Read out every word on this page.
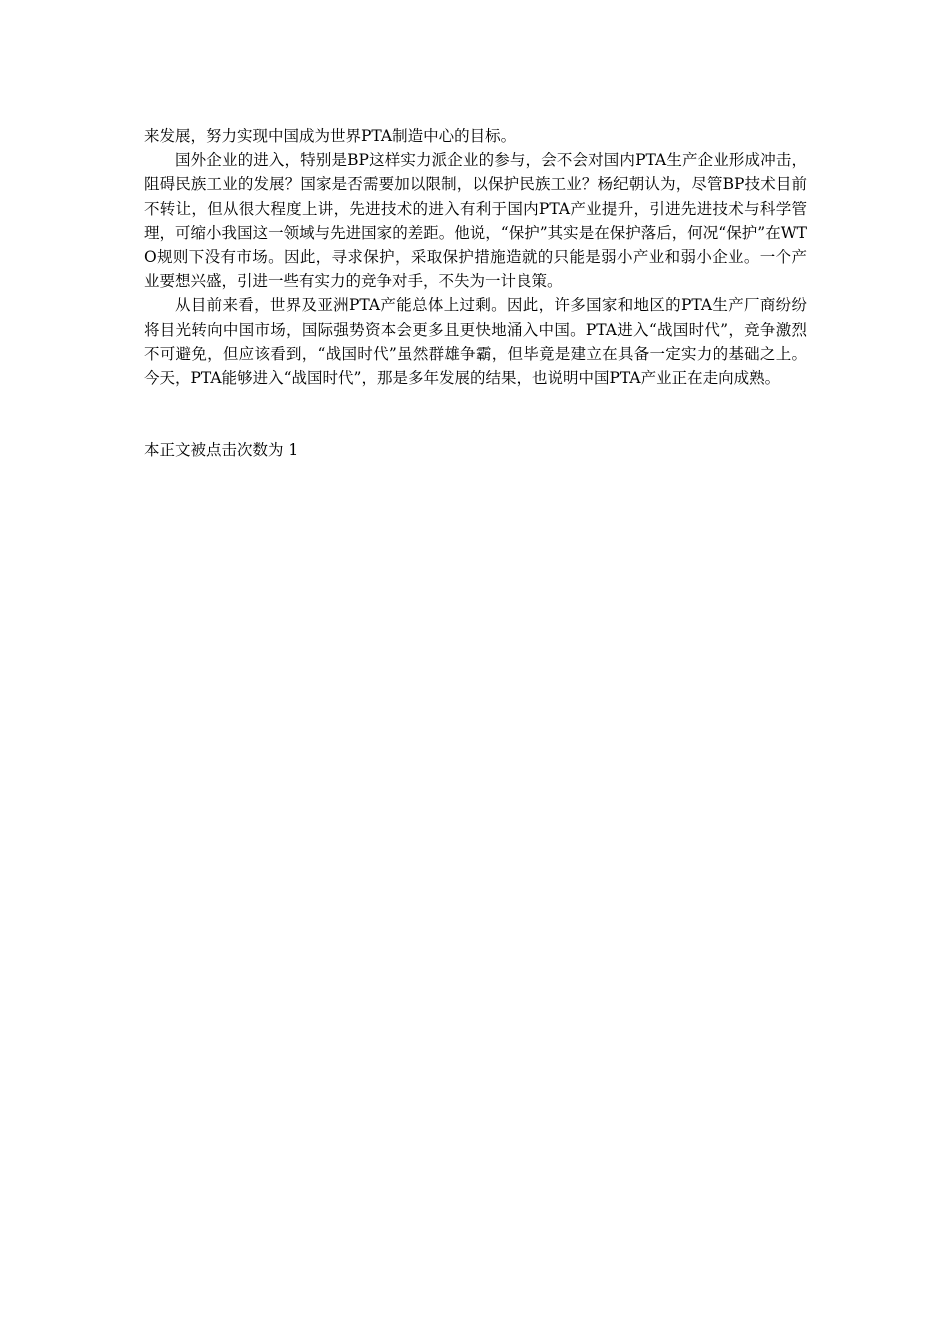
来发展，努力实现中国成为世界PTA制造中心的目标。

国外企业的进入，特别是BP这样实力派企业的参与，会不会对国内PTA生产企业形成冲击，阻碍民族工业的发展？国家是否需要加以限制，以保护民族工业？杨纪朝认为，尽管BP技术目前不转让，但从很大程度上讲，先进技术的进入有利于国内PTA产业提升，引进先进技术与科学管理，可缩小我国这一领域与先进国家的差距。他说，“保护”其实是在保护落后，何况“保护”在WTO规则下没有市场。因此，寻求保护，采取保护措施造就的只能是弱小产业和弱小企业。一个产业要想兴盛，引进一些有实力的竞争对手，不失为一计良策。

从目前来看，世界及亚洲PTA产能总体上过剩。因此，许多国家和地区的PTA生产厂商纷纷将目光转向中国市场，国际强势资本会更多且更快地涌入中国。PTA进入“战国时代”，竞争激烈不可避免，但应该看到，“战国时代”虽然群雄争霸，但毕竟是建立在具备一定实力的基础之上。今天，PTA能够进入“战国时代”，那是多年发展的结果，也说明中国PTA产业正在走向成熟。

本正文被点击次数为 1
